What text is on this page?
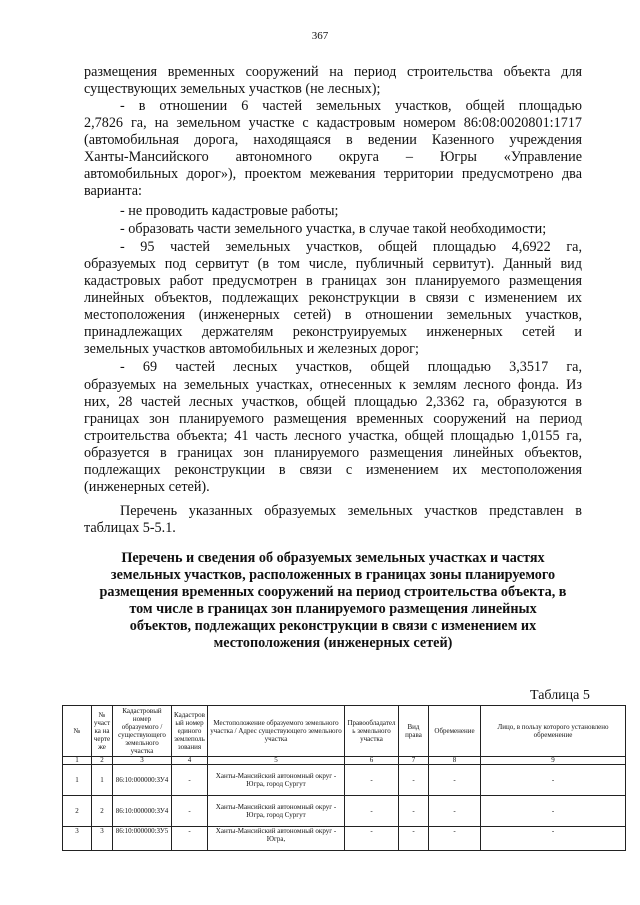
367
размещения временных сооружений на период строительства объекта для
существующих земельных участков (не лесных);
- в отношении 6 частей земельных участков, общей площадью
2,7826 га, на земельном участке с кадастровым номером 86:08:0020801:1717
(автомобильная дорога, находящаяся в ведении Казенного учреждения
Ханты-Мансийского автономного округа – Югры «Управление
автомобильных дорог»), проектом межевания территории предусмотрено два
варианта:
- не проводить кадастровые работы;
- образовать части земельного участка, в случае такой необходимости;
- 95 частей земельных участков, общей площадью 4,6922 га,
образуемых под сервитут (в том числе, публичный сервитут). Данный вид
кадастровых работ предусмотрен в границах зон планируемого размещения
линейных объектов, подлежащих реконструкции в связи с изменением их
местоположения (инженерных сетей) в отношении земельных участков,
принадлежащих держателям реконструируемых инженерных сетей и
земельных участков автомобильных и железных дорог;
- 69 частей лесных участков, общей площадью 3,3517 га,
образуемых на земельных участках, отнесенных к землям лесного фонда. Из
них, 28 частей лесных участков, общей площадью 2,3362 га, образуются в
границах зон планируемого размещения временных сооружений на период
строительства объекта; 41 часть лесного участка, общей площадью 1,0155 га,
образуется в границах зон планируемого размещения линейных объектов,
подлежащих реконструкции в связи с изменением их местоположения
(инженерных сетей).
Перечень указанных образуемых земельных участков представлен в
таблицах 5-5.1.
Перечень и сведения об образуемых земельных участках и частях
земельных участков, расположенных в границах зоны планируемого
размещения временных сооружений на период строительства объекта, в
том числе в границах зон планируемого размещения линейных
объектов, подлежащих реконструкции в связи с изменением их
местоположения (инженерных сетей)
Таблица 5
№	№ участка на чертеже	Кадастровый номер образуемого / существующего земельного участка	Кадастровый номер единого землепользования	Местоположение образуемого земельного участка / Адрес существующего земельного участка	Правообладатель земельного участка	Вид права	Обременение	Лицо, в пользу которого установлено обременение
1	2	3	4	5	6	7	8	9
1	1	86:10:000000:ЗУ4	-	Ханты-Мансийский автономный округ - Югра, город Сургут	-	-	-	-
2	2	86:10:000000:ЗУ4	-	Ханты-Мансийский автономный округ - Югра, город Сургут	-	-	-	-
3	3	86:10:000000:ЗУ5	-	Ханты-Мансийский автономный округ - Югра,	-	-	-	-
